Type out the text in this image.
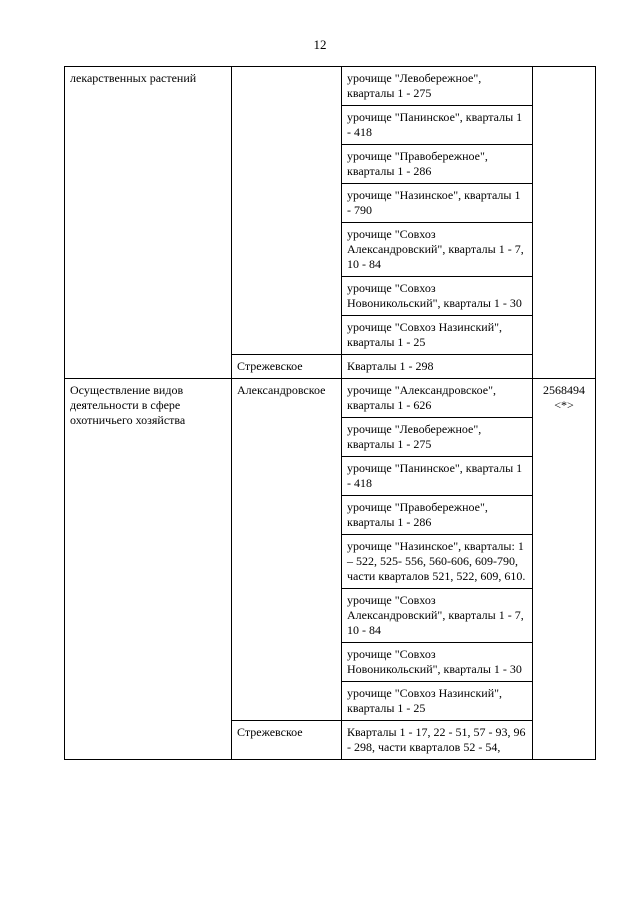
12
лекарственных растений		урочище "Левобережное", кварталы 1 - 275	
		урочище "Панинское", кварталы 1 - 418	
		урочище "Правобережное", кварталы 1 - 286	
		урочище "Назинское", кварталы 1 - 790	
		урочище "Совхоз Александровский", кварталы 1 - 7, 10 - 84	
		урочище "Совхоз Новоникольский", кварталы 1 - 30	
		урочище "Совхоз Назинский", кварталы 1 - 25	
	Стрежевское	Кварталы 1 - 298	
Осуществление видов деятельности в сфере охотничьего хозяйства	Александровское	урочище "Александровское", кварталы 1 - 626	2568494 <*>
		урочище "Левобережное", кварталы 1 - 275	
		урочище "Панинское", кварталы 1 - 418	
		урочище "Правобережное", кварталы 1 - 286	
		урочище "Назинское", кварталы: 1 – 522, 525- 556, 560-606, 609-790, части кварталов 521, 522, 609, 610.	
		урочище "Совхоз Александровский", кварталы 1 - 7, 10 - 84	
		урочище "Совхоз Новоникольский", кварталы 1 - 30	
		урочище "Совхоз Назинский", кварталы 1 - 25	
	Стрежевское	Кварталы 1 - 17, 22 - 51, 57 - 93, 96 - 298, части кварталов 52 - 54,	
